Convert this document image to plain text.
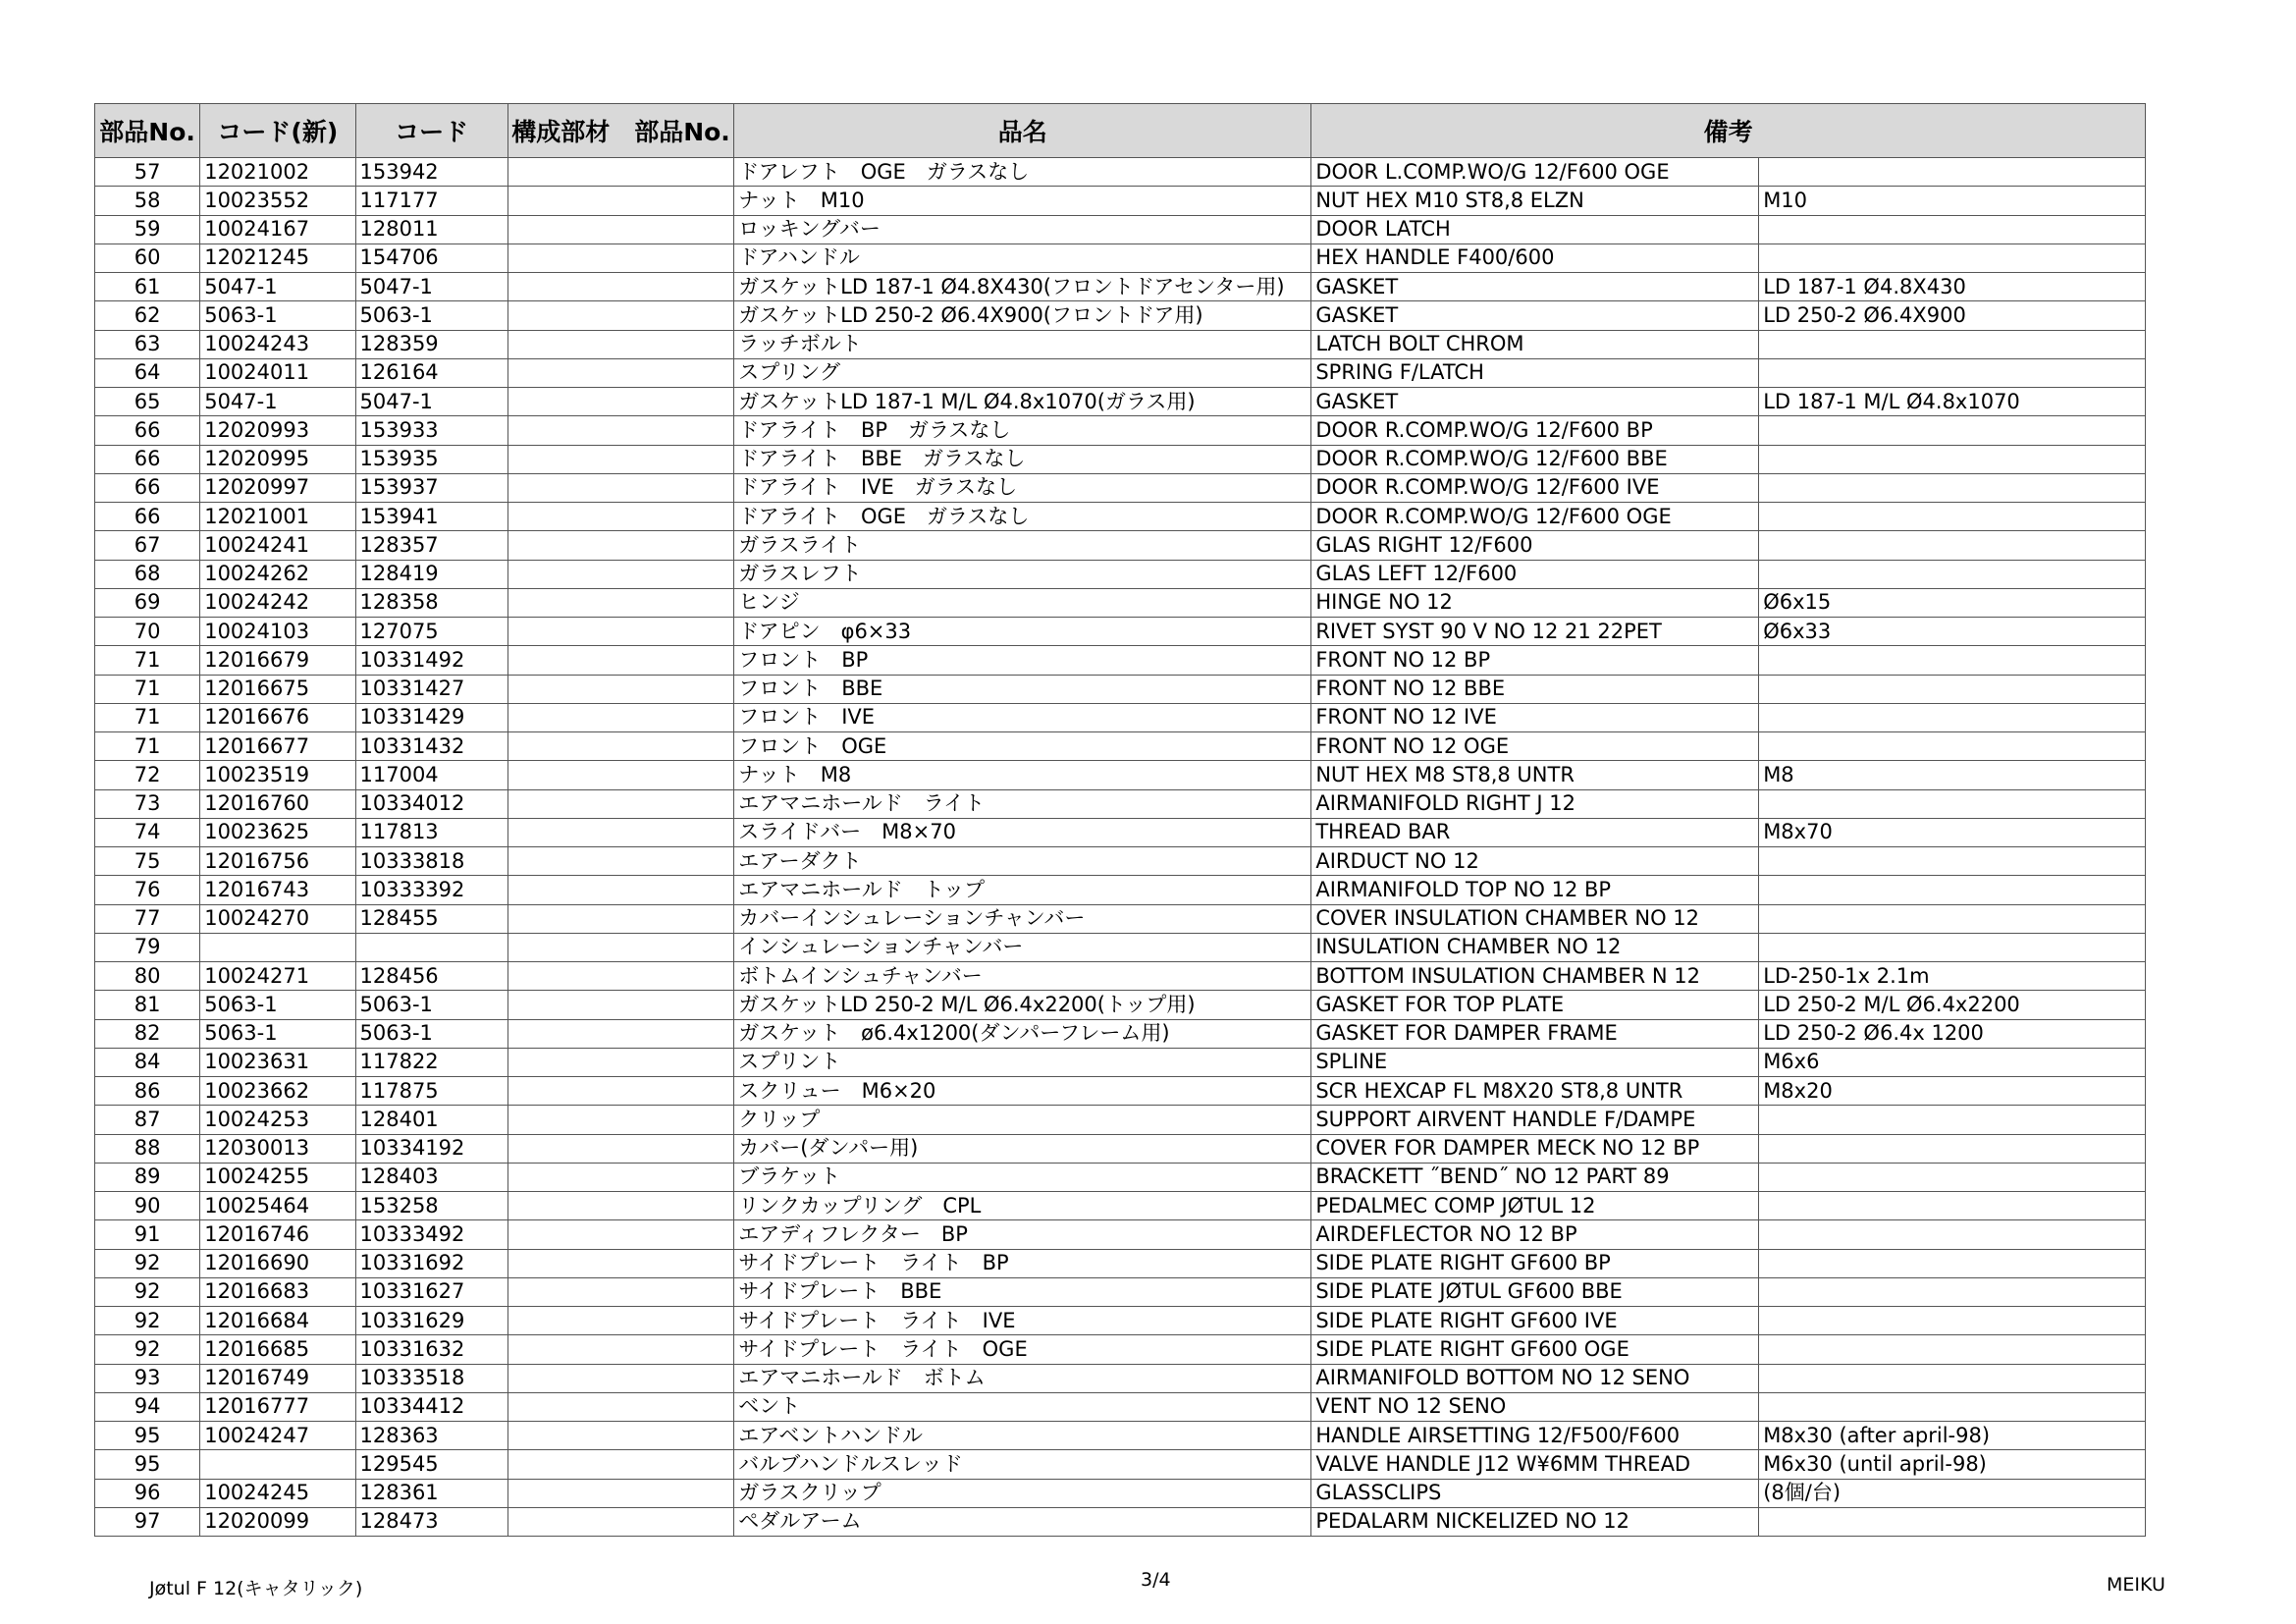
部品No.	コード(新)	コード	構成部材　部品No.	品名	備考	
57	12021002	153942		ドアレフト　OGE　ガラスなし	DOOR L.COMP.WO/G 12/F600 OGE	
58	10023552	117177		ナット　M10	NUT HEX M10 ST8,8 ELZN	M10
59	10024167	128011		ロッキングバー	DOOR LATCH	
60	12021245	154706		ドアハンドル	HEX HANDLE F400/600	
61	5047-1	5047-1		ガスケットLD 187-1 Ø4.8X430(フロントドアセンター用)	GASKET	LD 187-1 Ø4.8X430
62	5063-1	5063-1		ガスケットLD 250-2 Ø6.4X900(フロントドア用)	GASKET	LD 250-2 Ø6.4X900
63	10024243	128359		ラッチボルト	LATCH BOLT CHROM	
64	10024011	126164		スプリング	SPRING F/LATCH	
65	5047-1	5047-1		ガスケットLD 187-1 M/L Ø4.8x1070(ガラス用)	GASKET	LD 187-1 M/L Ø4.8x1070
66	12020993	153933		ドアライト　BP　ガラスなし	DOOR R.COMP.WO/G 12/F600 BP	
66	12020995	153935		ドアライト　BBE　ガラスなし	DOOR R.COMP.WO/G 12/F600 BBE	
66	12020997	153937		ドアライト　IVE　ガラスなし	DOOR R.COMP.WO/G 12/F600 IVE	
66	12021001	153941		ドアライト　OGE　ガラスなし	DOOR R.COMP.WO/G 12/F600 OGE	
67	10024241	128357		ガラスライト	GLAS RIGHT 12/F600	
68	10024262	128419		ガラスレフト	GLAS LEFT 12/F600	
69	10024242	128358		ヒンジ	HINGE NO 12	Ø6x15
70	10024103	127075		ドアピン　φ6×33	RIVET SYST 90 V NO 12 21 22PET	Ø6x33
71	12016679	10331492		フロント　BP	FRONT NO 12 BP	
71	12016675	10331427		フロント　BBE	FRONT NO 12 BBE	
71	12016676	10331429		フロント　IVE	FRONT NO 12 IVE	
71	12016677	10331432		フロント　OGE	FRONT NO 12 OGE	
72	10023519	117004		ナット　M8	NUT HEX M8 ST8,8 UNTR	M8
73	12016760	10334012		エアマニホールド　ライト	AIRMANIFOLD RIGHT J 12	
74	10023625	117813		スライドバー　M8×70	THREAD BAR	M8x70
75	12016756	10333818		エアーダクト	AIRDUCT NO 12	
76	12016743	10333392		エアマニホールド　トップ	AIRMANIFOLD TOP NO 12 BP	
77	10024270	128455		カバーインシュレーションチャンバー	COVER INSULATION CHAMBER NO 12	
79				インシュレーションチャンバー	INSULATION CHAMBER NO 12	
80	10024271	128456		ボトムインシュチャンバー	BOTTOM INSULATION CHAMBER N 12	LD-250-1x 2.1m
81	5063-1	5063-1		ガスケットLD 250-2 M/L Ø6.4x2200(トップ用)	GASKET FOR TOP PLATE	LD 250-2 M/L Ø6.4x2200
82	5063-1	5063-1		ガスケット　ø6.4x1200(ダンパーフレーム用)	GASKET FOR DAMPER FRAME	LD 250-2 Ø6.4x 1200
84	10023631	117822		スプリント	SPLINE	M6x6
86	10023662	117875		スクリュー　M6×20	SCR HEXCAP FL M8X20 ST8,8 UNTR	M8x20
87	10024253	128401		クリップ	SUPPORT AIRVENT HANDLE F/DAMPE	
88	12030013	10334192		カバー(ダンパー用)	COVER FOR DAMPER MECK NO 12 BP	
89	10024255	128403		ブラケット	BRACKETT ˝BEND˝ NO 12 PART 89	
90	10025464	153258		リンクカップリング　CPL	PEDALMEC COMP JØTUL 12	
91	12016746	10333492		エアディフレクター　BP	AIRDEFLECTOR NO 12 BP	
92	12016690	10331692		サイドプレート　ライト　BP	SIDE PLATE RIGHT GF600 BP	
92	12016683	10331627		サイドプレート　BBE	SIDE PLATE JØTUL GF600 BBE	
92	12016684	10331629		サイドプレート　ライト　IVE	SIDE PLATE RIGHT GF600 IVE	
92	12016685	10331632		サイドプレート　ライト　OGE	SIDE PLATE RIGHT GF600 OGE	
93	12016749	10333518		エアマニホールド　ボトム	AIRMANIFOLD BOTTOM NO 12 SENO	
94	12016777	10334412		ベント	VENT NO 12 SENO	
95	10024247	128363		エアベントハンドル	HANDLE AIRSETTING 12/F500/F600	M8x30 (after april-98)
95		129545		バルブハンドルスレッド	VALVE HANDLE J12 W¥6MM THREAD	M6x30 (until april-98)
96	10024245	128361		ガラスクリップ	GLASSCLIPS	(8個/台)
97	12020099	128473		ペダルアーム	PEDALARM NICKELIZED NO 12	
Jøtul F 12(キャタリック)	3/4	MEIKU
